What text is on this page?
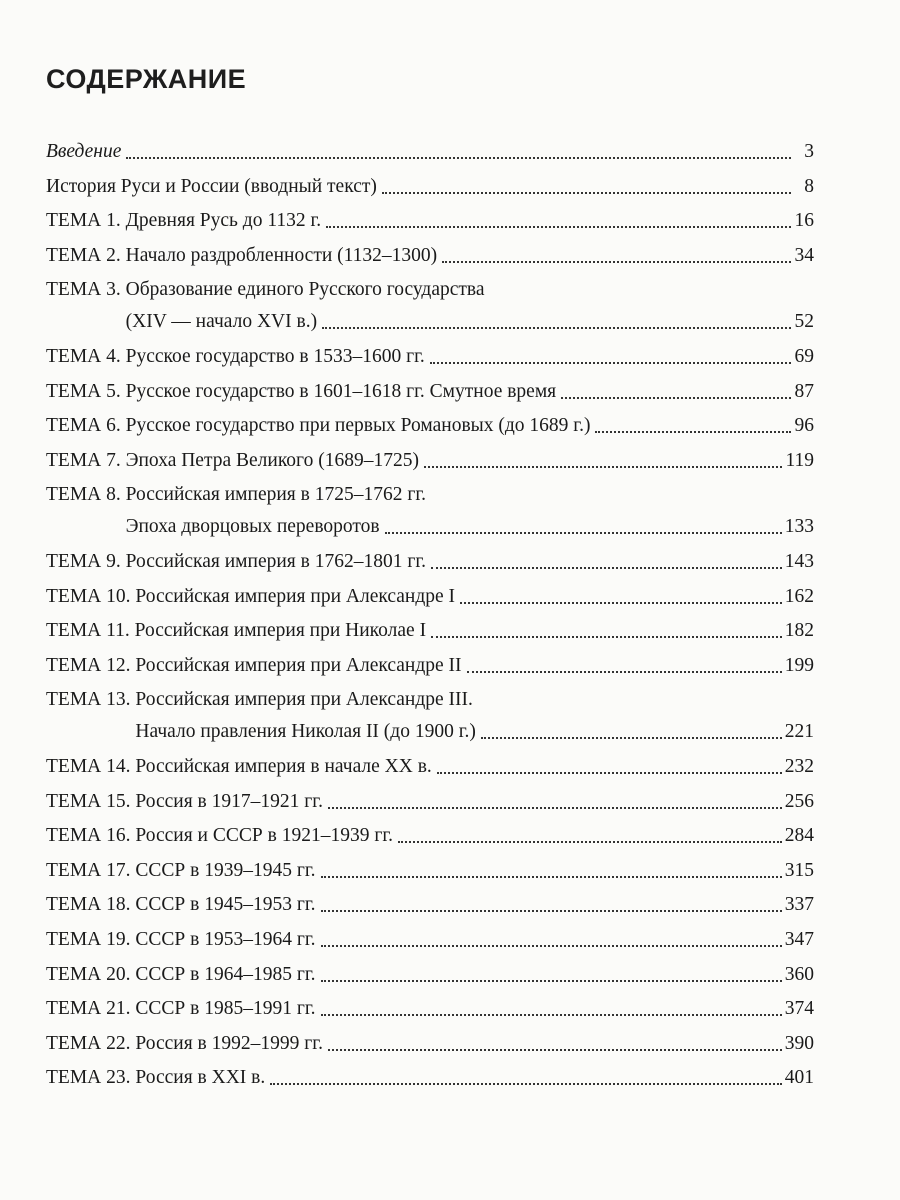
СОДЕРЖАНИЕ
Введение	3
История Руси и России (вводный текст)	8
ТЕМА 1. Древняя Русь до 1132 г.	16
ТЕМА 2. Начало раздробленности (1132–1300)	34
ТЕМА 3. Образование единого Русского государства
(XIV — начало XVI в.)	52
ТЕМА 4. Русское государство в 1533–1600 гг.	69
ТЕМА 5. Русское государство в 1601–1618 гг. Смутное время	87
ТЕМА 6. Русское государство при первых Романовых (до 1689 г.)	96
ТЕМА 7. Эпоха Петра Великого (1689–1725)	119
ТЕМА 8. Российская империя в 1725–1762 гг.
Эпоха дворцовых переворотов	133
ТЕМА 9. Российская империя в 1762–1801 гг.	143
ТЕМА 10. Российская империя при Александре I	162
ТЕМА 11. Российская империя при Николае I	182
ТЕМА 12. Российская империя при Александре II	199
ТЕМА 13. Российская империя при Александре III.
Начало правления Николая II (до 1900 г.)	221
ТЕМА 14. Российская империя в начале XX в.	232
ТЕМА 15. Россия в 1917–1921 гг.	256
ТЕМА 16. Россия и СССР в 1921–1939 гг.	284
ТЕМА 17. СССР в 1939–1945 гг.	315
ТЕМА 18. СССР в 1945–1953 гг.	337
ТЕМА 19. СССР в 1953–1964 гг.	347
ТЕМА 20. СССР в 1964–1985 гг.	360
ТЕМА 21. СССР в 1985–1991 гг.	374
ТЕМА 22. Россия в 1992–1999 гг.	390
ТЕМА 23. Россия в XXI в.	401
